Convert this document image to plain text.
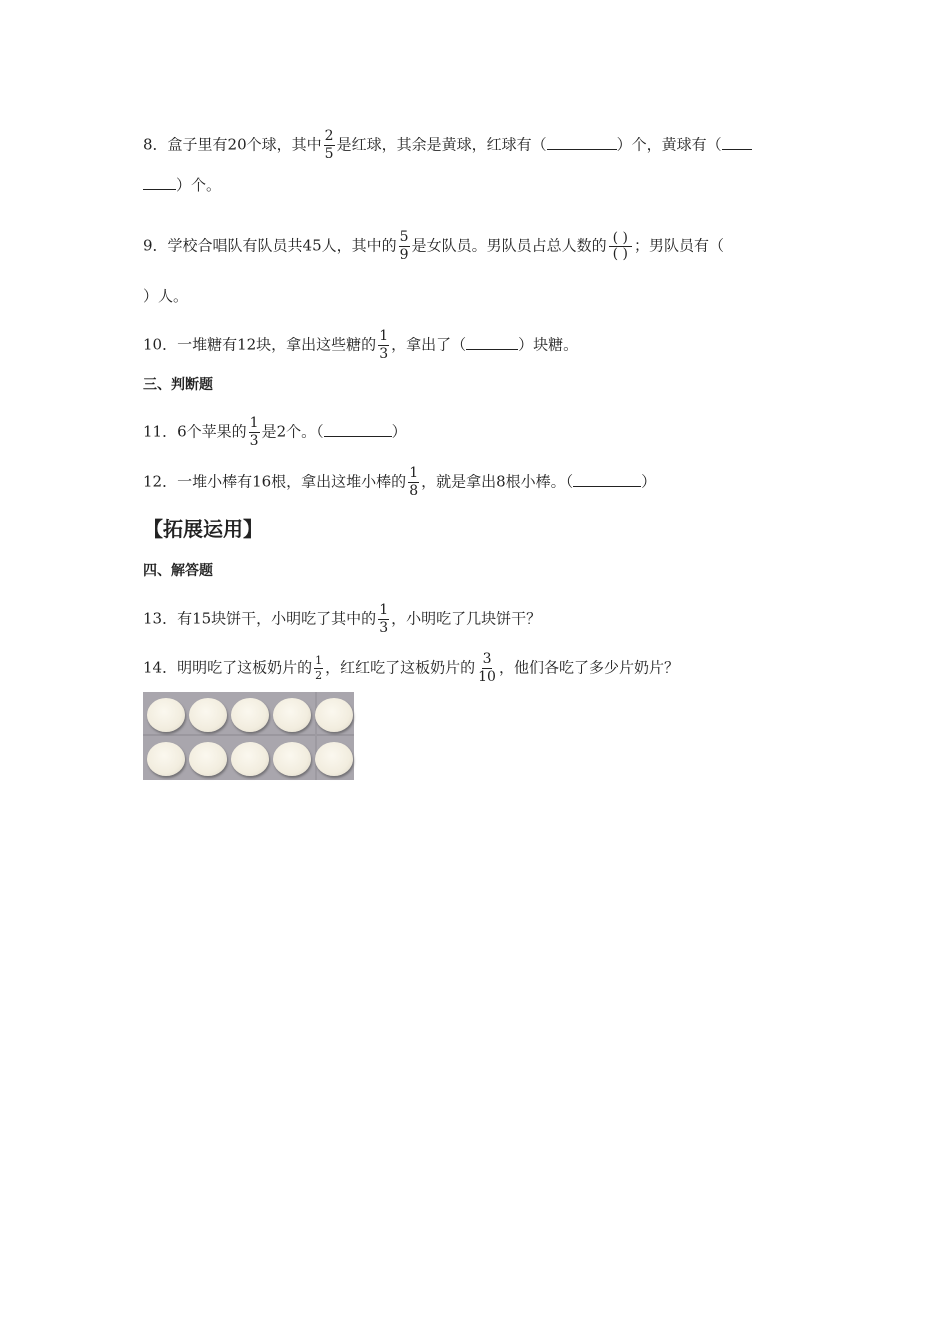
8．盒子里有20个球，其中 $\frac{2}{5}$ 是红球，其余是黄球，红球有（	）个，黄球有（
）个。
9．学校合唱队有队员共45人，其中的 $\frac{5}{9}$ 是女队员。男队员占总人数的 $\frac{( )}{( )}$ ；男队员有（
）人。
10．一堆糖有12块，拿出这些糖的 $\frac{1}{3}$ ，拿出了（	）块糖。
三、判断题
11．6个苹果的 $\frac{1}{3}$ 是2个。（	）
12．一堆小棒有16根，拿出这堆小棒的 $\frac{1}{8}$ ，就是拿出8根小棒。（	）
【拓展运用】
四、解答题
13．有15块饼干，小明吃了其中的 $\frac{1}{3}$ ，小明吃了几块饼干？
14．明明吃了这板奶片的 $\frac{1}{2}$ ，红红吃了这板奶片的 $\frac{3}{10}$ ，他们各吃了多少片奶片？
